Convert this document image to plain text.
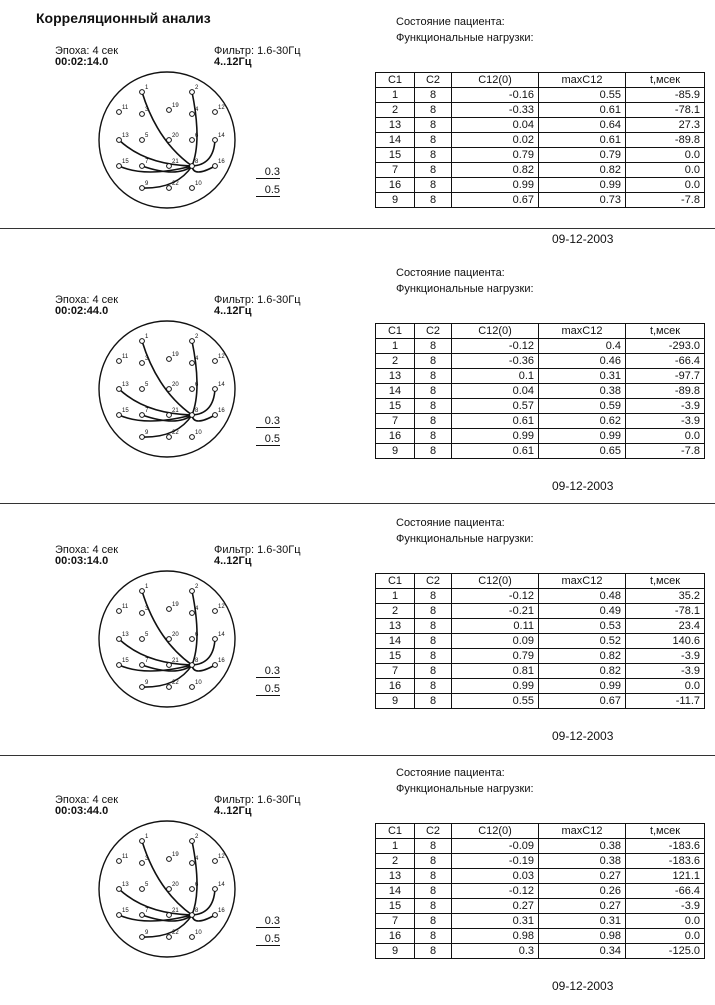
Корреляционный анализ
Эпоха: 4 сек
00:02:14.0
Фильтр: 1.6-30Гц
4..12Гц
1	2
11	3
19
4	12
13	5	20	6	14
15	7	21	8	16
9	22	10
0.3
0.5
Состояние пациента:
Функциональные нагрузки:
C1	C2	C12(0)	maxC12	t,мсек
1	8	-0.16	0.55	-85.9
2	8	-0.33	0.61	-78.1
13	8	0.04	0.64	27.3
14	8	0.02	0.61	-89.8
15	8	0.79	0.79	0.0
7	8	0.82	0.82	0.0
16	8	0.99	0.99	0.0
9	8	0.67	0.73	-7.8
09-12-2003
Эпоха: 4 сек
00:02:44.0
Фильтр: 1.6-30Гц
4..12Гц
1	2
11	3
19
4	12
13	5	20	6	14
15	7	21	8	16
9	22	10
0.3
0.5
Состояние пациента:
Функциональные нагрузки:
C1	C2	C12(0)	maxC12	t,мсек
1	8	-0.12	0.4	-293.0
2	8	-0.36	0.46	-66.4
13	8	0.1	0.31	-97.7
14	8	0.04	0.38	-89.8
15	8	0.57	0.59	-3.9
7	8	0.61	0.62	-3.9
16	8	0.99	0.99	0.0
9	8	0.61	0.65	-7.8
09-12-2003
Эпоха: 4 сек
00:03:14.0
Фильтр: 1.6-30Гц
4..12Гц
1	2
11	3
19
4	12
13	5	20	6	14
15	7	21	8	16
9	22	10
0.3
0.5
Состояние пациента:
Функциональные нагрузки:
C1	C2	C12(0)	maxC12	t,мсек
1	8	-0.12	0.48	35.2
2	8	-0.21	0.49	-78.1
13	8	0.11	0.53	23.4
14	8	0.09	0.52	140.6
15	8	0.79	0.82	-3.9
7	8	0.81	0.82	-3.9
16	8	0.99	0.99	0.0
9	8	0.55	0.67	-11.7
09-12-2003
Эпоха: 4 сек
00:03:44.0
Фильтр: 1.6-30Гц
4..12Гц
1	2
11	3
19
4	12
13	5	20	6	14
15	7	21	8	16
9	22	10
0.3
0.5
Состояние пациента:
Функциональные нагрузки:
C1	C2	C12(0)	maxC12	t,мсек
1	8	-0.09	0.38	-183.6
2	8	-0.19	0.38	-183.6
13	8	0.03	0.27	121.1
14	8	-0.12	0.26	-66.4
15	8	0.27	0.27	-3.9
7	8	0.31	0.31	0.0
16	8	0.98	0.98	0.0
9	8	0.3	0.34	-125.0
09-12-2003
